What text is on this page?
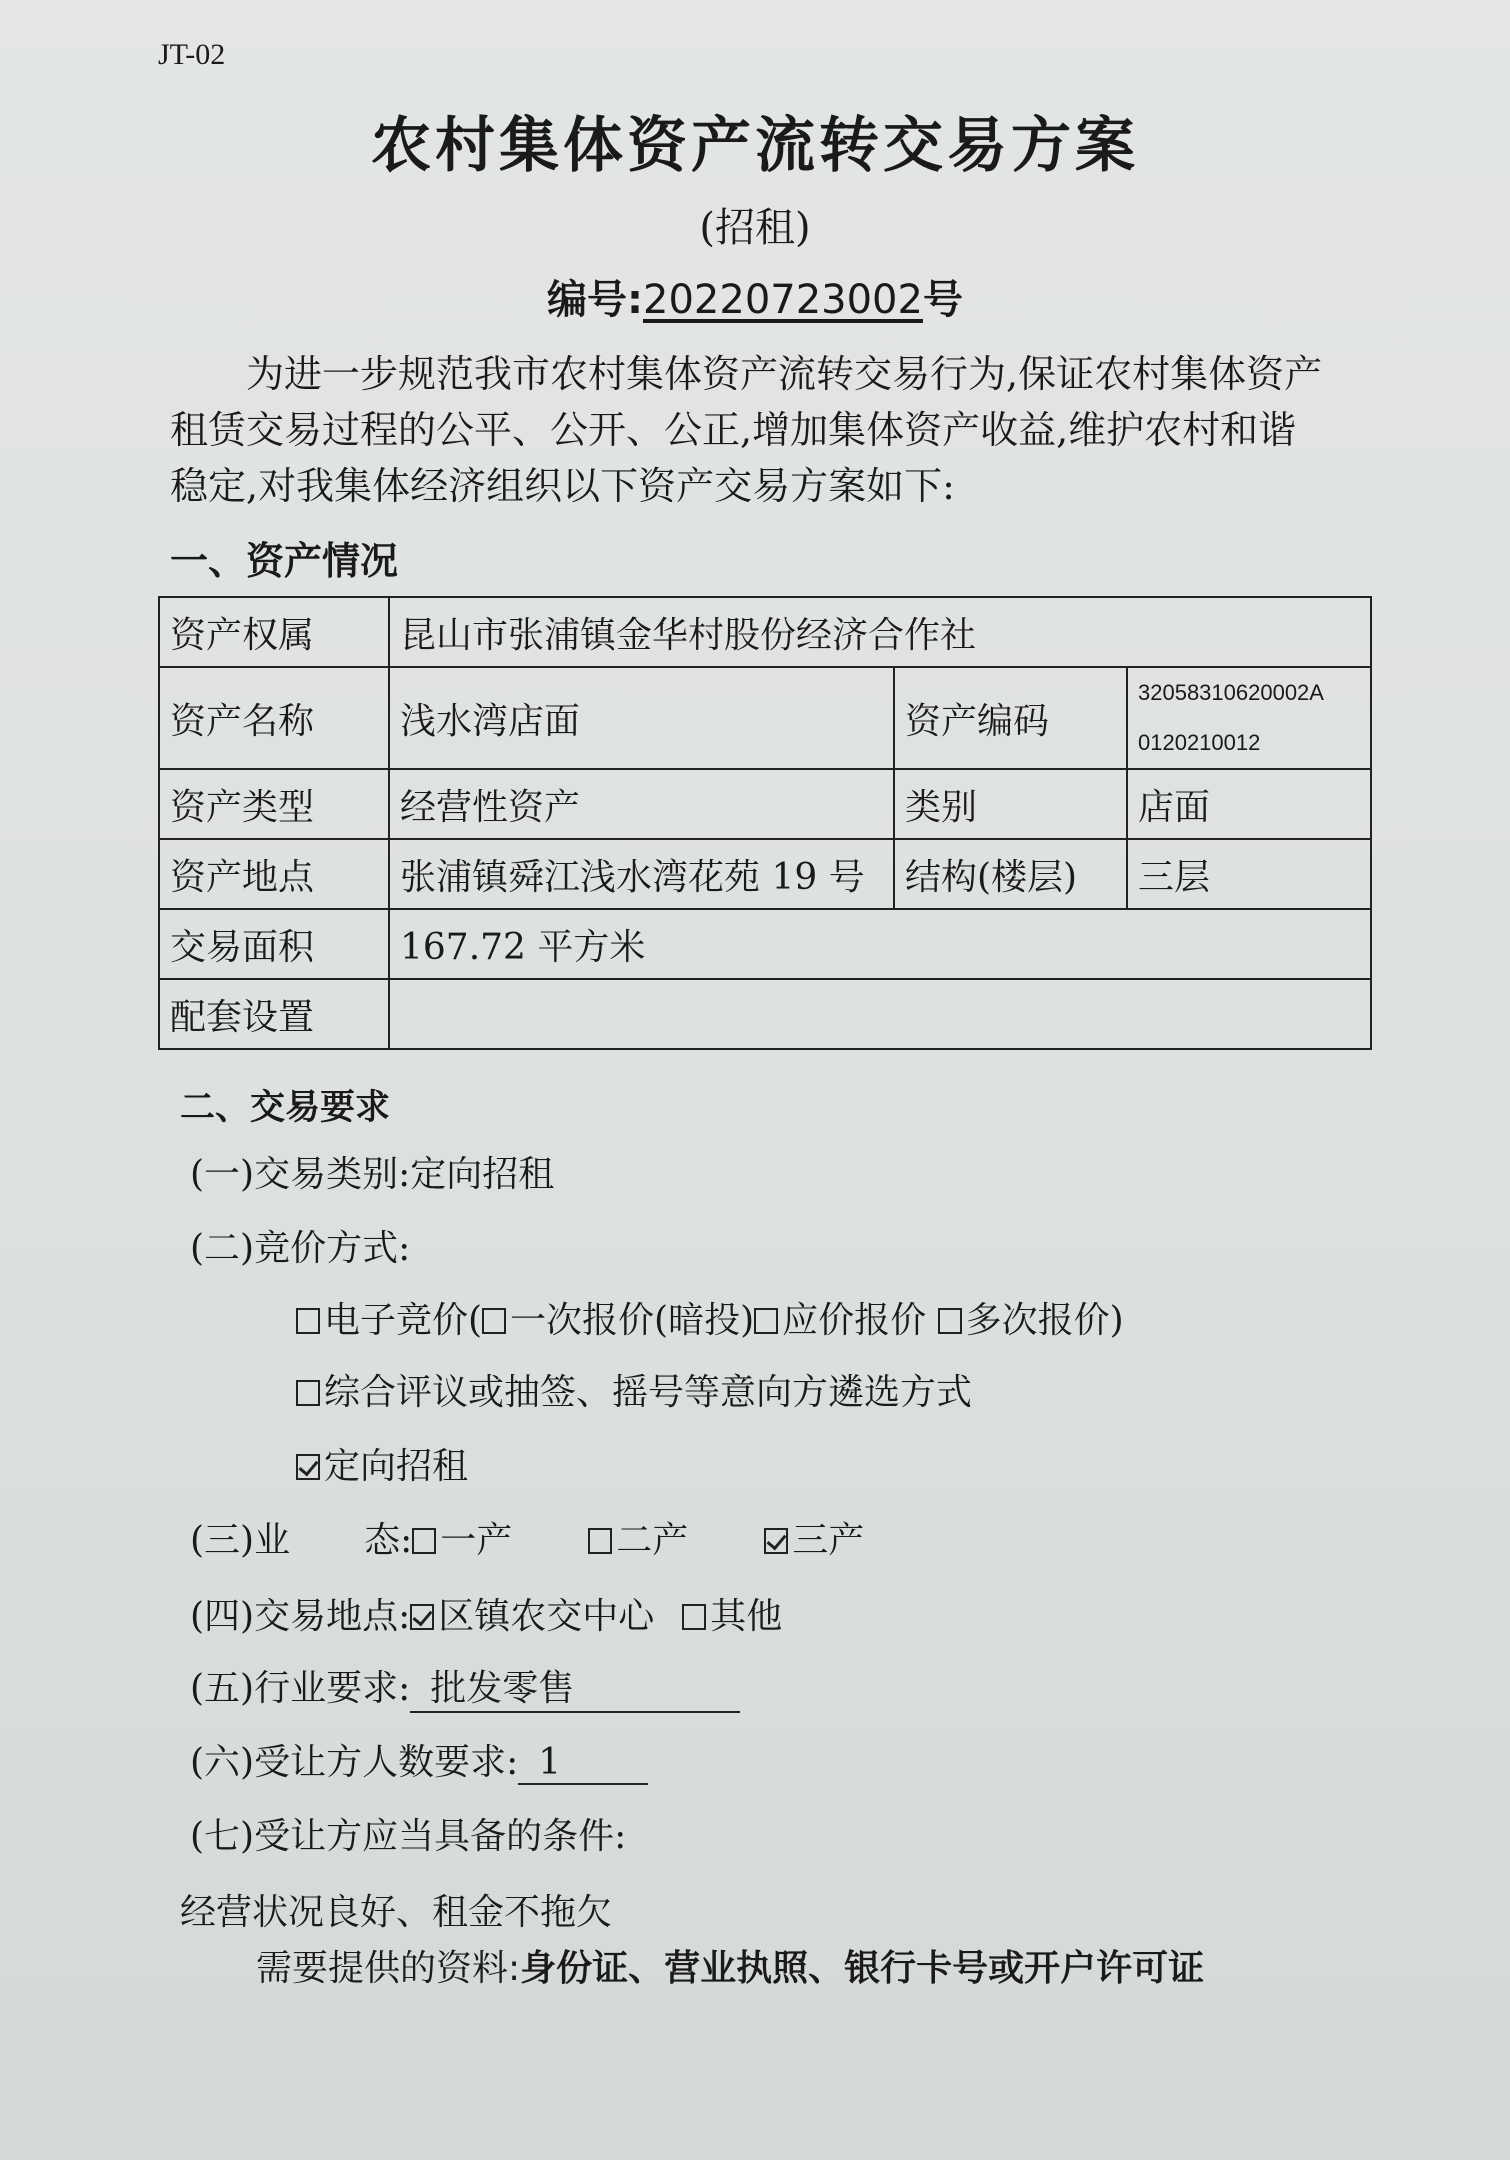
JT-02
农村集体资产流转交易方案
(招租)
编号:20220723002号
为进一步规范我市农村集体资产流转交易行为,保证农村集体资产
租赁交易过程的公平、公开、公正,增加集体资产收益,维护农村和谐
稳定,对我集体经济组织以下资产交易方案如下:
一、资产情况
资产权属	昆山市张浦镇金华村股份经济合作社		
资产名称	浅水湾店面	资产编码	32058310620002A
0120210012

资产类型	经营性资产	类别	店面
资产地点	张浦镇舜江浅水湾花苑 19 号	结构(楼层)	三层
交易面积	167.72 平方米		
配套设置			
二、交易要求
(一)交易类别:定向招租
(二)竞价方式:
电子竞价( 一次报价(暗投) 应价报价 多次报价)
综合评议或抽签、摇号等意向方遴选方式
定向招租
(三)业 态: 一产	二产	三产
(四)交易地点: 区镇农交中心 其他
(五)行业要求: 批发零售
(六)受让方人数要求: 1
(七)受让方应当具备的条件:
经营状况良好、租金不拖欠
需要提供的资料:身份证、营业执照、银行卡号或开户许可证
